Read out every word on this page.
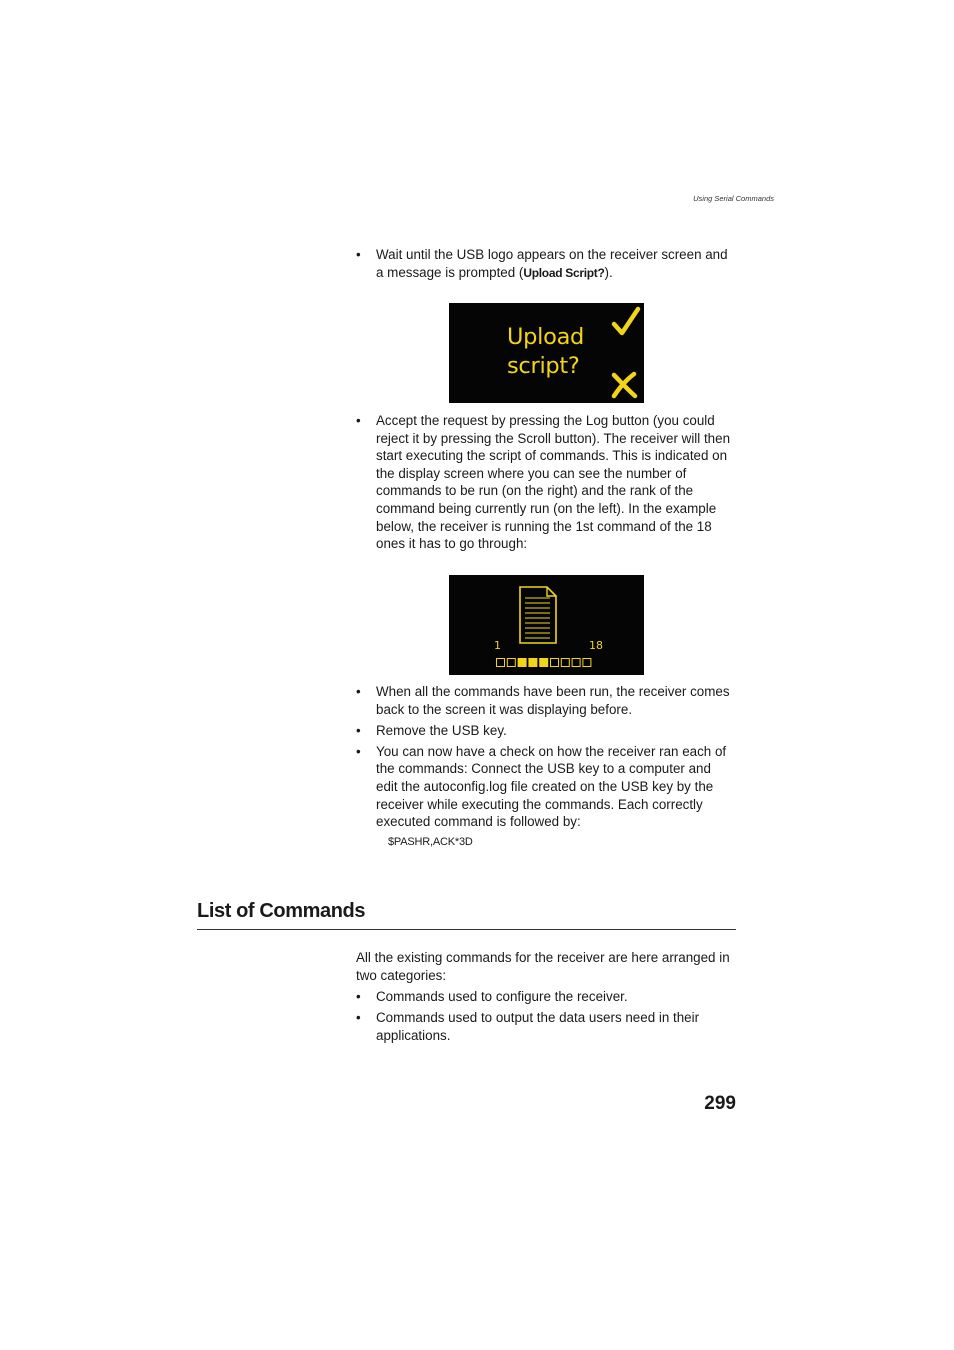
Using Serial Commands
• Wait until the USB logo appears on the receiver screen and a message is prompted (Upload Script?).
Upload
script?
• Accept the request by pressing the Log button (you could reject it by pressing the Scroll button). The receiver will then start executing the script of commands. This is indicated on the display screen where you can see the number of commands to be run (on the right) and the rank of the command being currently run (on the left). In the example below, the receiver is running the 1st command of the 18 ones it has to go through:
1	18
• When all the commands have been run, the receiver comes back to the screen it was displaying before.
• Remove the USB key.
• You can now have a check on how the receiver ran each of the commands: Connect the USB key to a computer and edit the autoconfig.log file created on the USB key by the receiver while executing the commands. Each correctly executed command is followed by:
$PASHR,ACK*3D
List of Commands

All the existing commands for the receiver are here arranged in two categories:

• Commands used to configure the receiver.
• Commands used to output the data users need in their applications.
299
